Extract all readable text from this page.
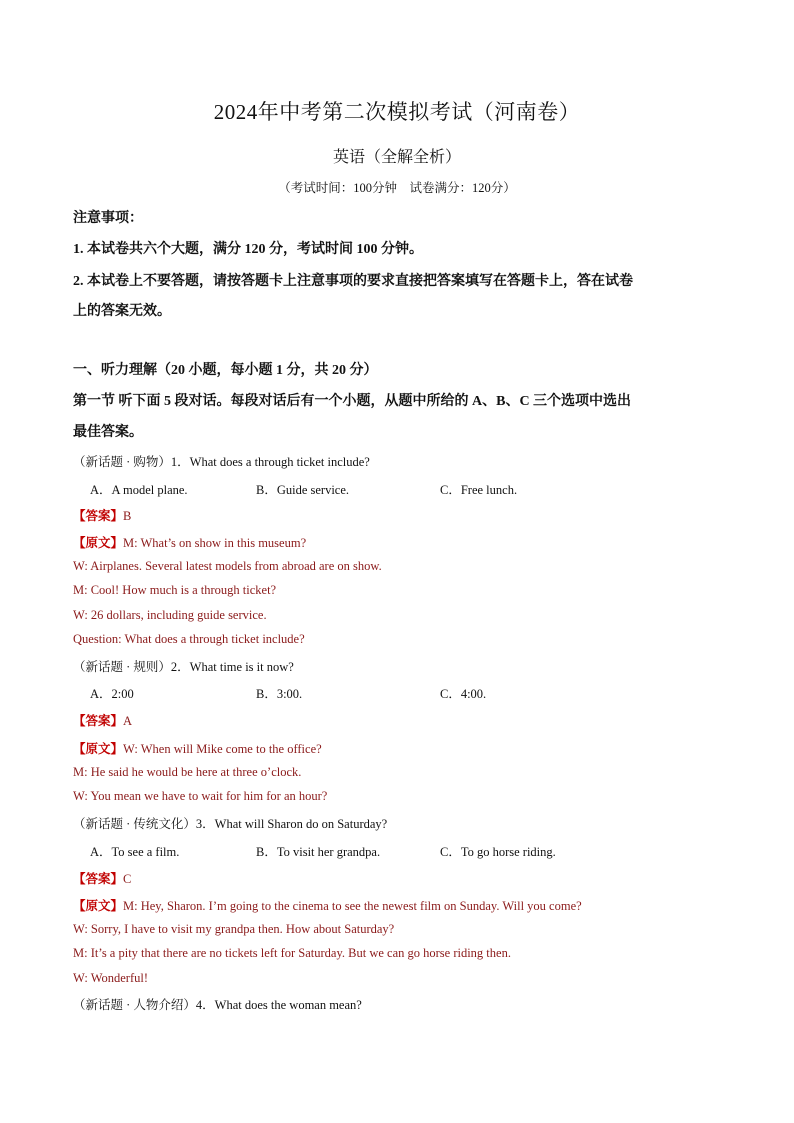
2024年中考第二次模拟考试（河南卷）
英语（全解全析）
（考试时间：100分钟　试卷满分：120分）
注意事项：
1. 本试卷共六个大题，满分 120 分，考试时间 100 分钟。
2. 本试卷上不要答题，请按答题卡上注意事项的要求直接把答案填写在答题卡上，答在试卷
上的答案无效。
一、听力理解（20 小题，每小题 1 分，共 20 分）
第一节 听下面 5 段对话。每段对话后有一个小题，从题中所给的 A、B、C 三个选项中选出
最佳答案。
（新话题 · 购物）1．What does a through ticket include?
A．A model plane.	B．Guide service.	C．Free lunch.
【答案】B
【原文】M: What’s on show in this museum?
W: Airplanes. Several latest models from abroad are on show.
M: Cool! How much is a through ticket?
W: 26 dollars, including guide service.
Question: What does a through ticket include?
（新话题 · 规则）2．What time is it now?
A．2:00	B．3:00.	C．4:00.
【答案】A
【原文】W: When will Mike come to the office?
M: He said he would be here at three o’clock.
W: You mean we have to wait for him for an hour?
（新话题 · 传统文化）3．What will Sharon do on Saturday?
A．To see a film.	B．To visit her grandpa.	C．To go horse riding.
【答案】C
【原文】M: Hey, Sharon. I’m going to the cinema to see the newest film on Sunday. Will you come?
W: Sorry, I have to visit my grandpa then. How about Saturday?
M: It’s a pity that there are no tickets left for Saturday. But we can go horse riding then.
W: Wonderful!
（新话题 · 人物介绍）4．What does the woman mean?
